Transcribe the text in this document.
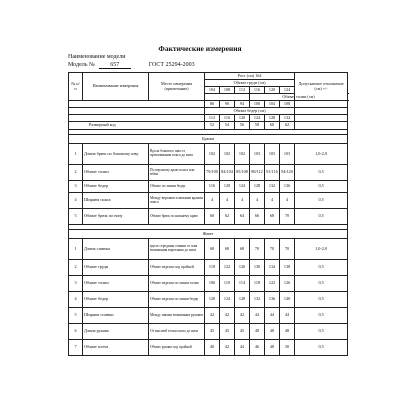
Фактические измерения
Наименование модели
Модель №	657	ГОСТ 25294-2003
№ п/ п	Наименование измерения	Место измерения (примечание)	Рост (см) 164						Допускаемое отклонение (см) +/-	
			Обхват груди (см)							
			104	108	112	116	120	124		
						Обхват талии (см)				
			86	90	94	100	104	108		
			Обхват бедер (см)							
			112	116	120	124	128	132		
Размерный код			52	54	56	58	60	62		

Брюки										
1	Длина брюк по боковому шву	Вдоль бокового шва от притачивания пояса до низа	102	102	102	103	103	103	1,0-2,0	
2	Обхват талии	По верхнему краю пояса или юбки	79/100	84/104	85/108	88/112	91/116	94/120	0,5	
3	Обхват бедер	Обхват по линии бедер	116	120	124	128	132	136	0,5	
4	Ширина пояса	Между верхним и нижним краями пояса	4	4	4	4	4	4	0,5	
5	Обхват брюк по низу	Обхват брюк по нижнему краю	60	62	64	66	68	70	0,5	

Жакет										
1	Длина спинки	вдоль середины спинки от шва втачивания воротника до низа	68	68	68	70	70	70	1,0-2,0	
2	Обхват груди	Обхват изделия под пройкой	118	122	126	130	134	138	0,5	
3	Обхват талии	Обхват изделия по линии талии	106	110	114	118	122	126	0,5	
4	Обхват бедер	Обхват изделия по линии бедер	120	124	128	132	136	140	0,5	
5	Ширина спинки	Между швами втачивания рукавов	42	42	42	44	44	44	0,5	
6	Длина рукава	От высшей точки оката до низа	45	45	45	48	48	48	0,5	
7	Обхват плеча	Обхват рукава под пройкой	40	42	44	46	48	50	0,5	
